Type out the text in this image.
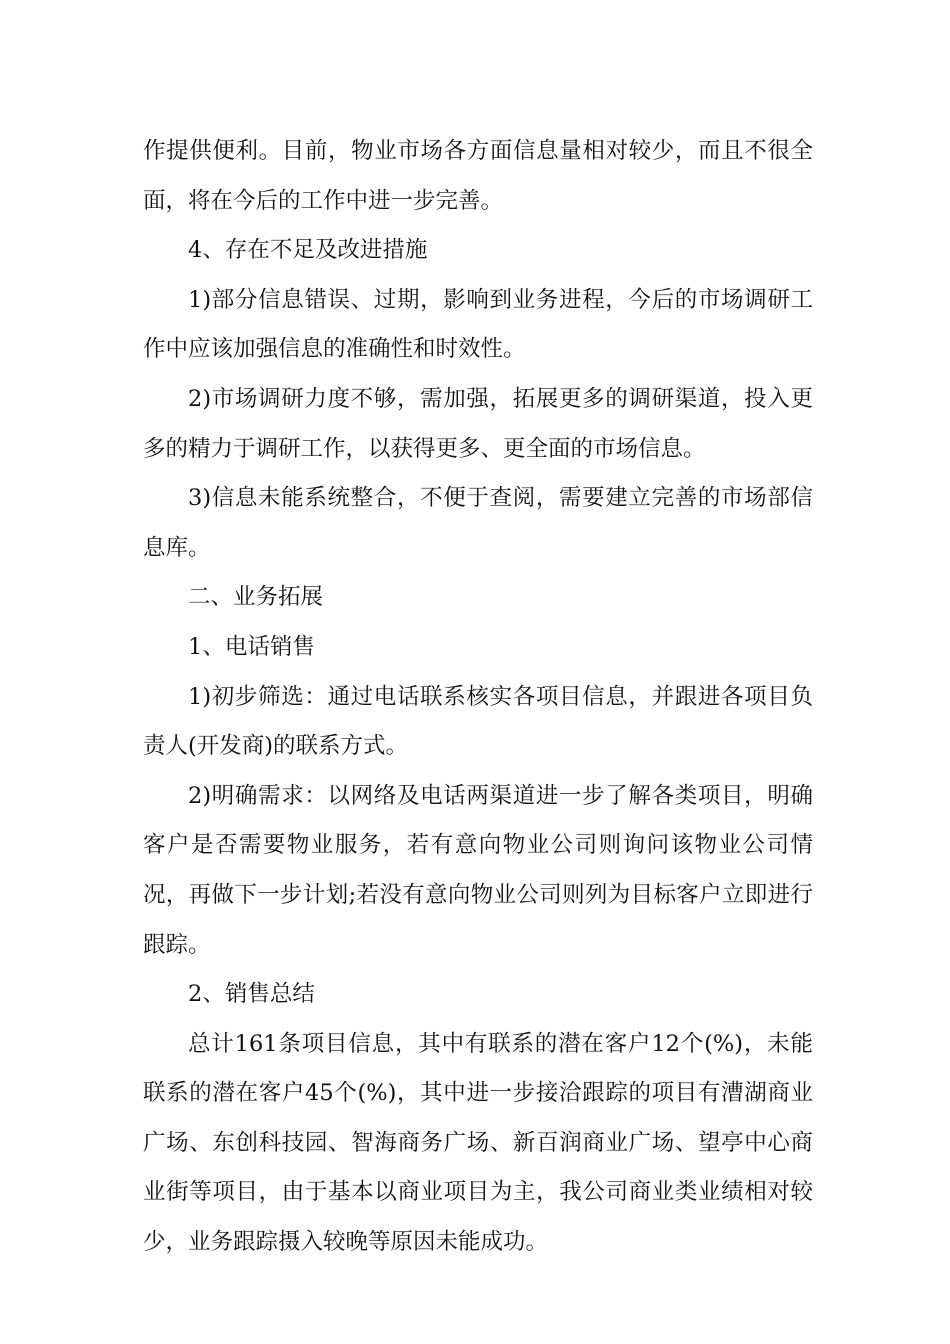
作提供便利。目前，物业市场各方面信息量相对较少，而且不很全面，将在今后的工作中进一步完善。

4、存在不足及改进措施

1)部分信息错误、过期，影响到业务进程，今后的市场调研工作中应该加强信息的准确性和时效性。

2)市场调研力度不够，需加强，拓展更多的调研渠道，投入更多的精力于调研工作，以获得更多、更全面的市场信息。

3)信息未能系统整合，不便于查阅，需要建立完善的市场部信息库。

二、业务拓展

1、电话销售

1)初步筛选：通过电话联系核实各项目信息，并跟进各项目负责人(开发商)的联系方式。

2)明确需求：以网络及电话两渠道进一步了解各类项目，明确客户是否需要物业服务，若有意向物业公司则询问该物业公司情况，再做下一步计划;若没有意向物业公司则列为目标客户立即进行跟踪。

2、销售总结

总计161条项目信息，其中有联系的潜在客户12个(%)，未能联系的潜在客户45个(%)，其中进一步接洽跟踪的项目有漕湖商业广场、东创科技园、智海商务广场、新百润商业广场、望亭中心商业街等项目，由于基本以商业项目为主，我公司商业类业绩相对较少，业务跟踪摄入较晚等原因未能成功。
